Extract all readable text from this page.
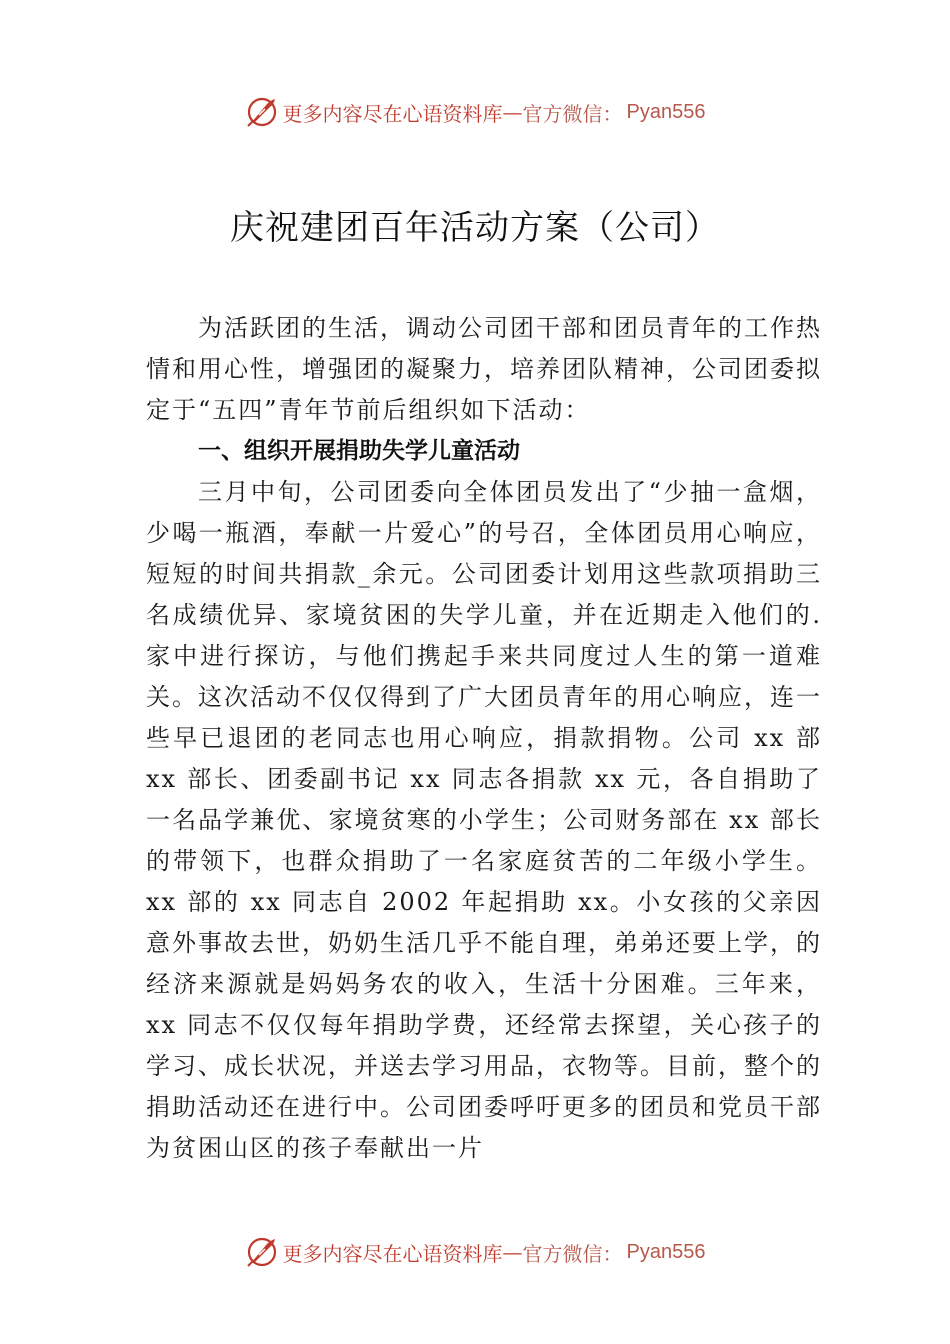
更多内容尽在心语资料库 — 官方微信： Pyan556
庆祝建团百年活动方案（公司）

为活跃团的生活，调动公司团干部和团员青年的工作热情和用心性，增强团的凝聚力，培养团队精神，公司团委拟定于“五四”青年节前后组织如下活动：

一、组织开展捐助失学儿童活动

三月中旬，公司团委向全体团员发出了“少抽一盒烟，少喝一瓶酒，奉献一片爱心”的号召，全体团员用心响应，短短的时间共捐款_余元。公司团委计划用这些款项捐助三名成绩优异、家境贫困的失学儿童，并在近期走入他们的.家中进行探访，与他们携起手来共同度过人生的第一道难关。这次活动不仅仅得到了广大团员青年的用心响应，连一些早已退团的老同志也用心响应，捐款捐物。公司 xx 部 xx 部长、团委副书记 xx 同志各捐款 xx 元，各自捐助了一名品学兼优、家境贫寒的小学生；公司财务部在 xx 部长的带领下，也群众捐助了一名家庭贫苦的二年级小学生。xx 部的 xx 同志自 2002 年起捐助 xx。小女孩的父亲因意外事故去世，奶奶生活几乎不能自理，弟弟还要上学，的经济来源就是妈妈务农的收入，生活十分困难。三年来，xx 同志不仅仅每年捐助学费，还经常去探望，关心孩子的学习、成长状况，并送去学习用品，衣物等。目前，整个的捐助活动还在进行中。公司团委呼吁更多的团员和党员干部为贫困山区的孩子奉献出一片

更多内容尽在心语资料库 — 官方微信： Pyan556
